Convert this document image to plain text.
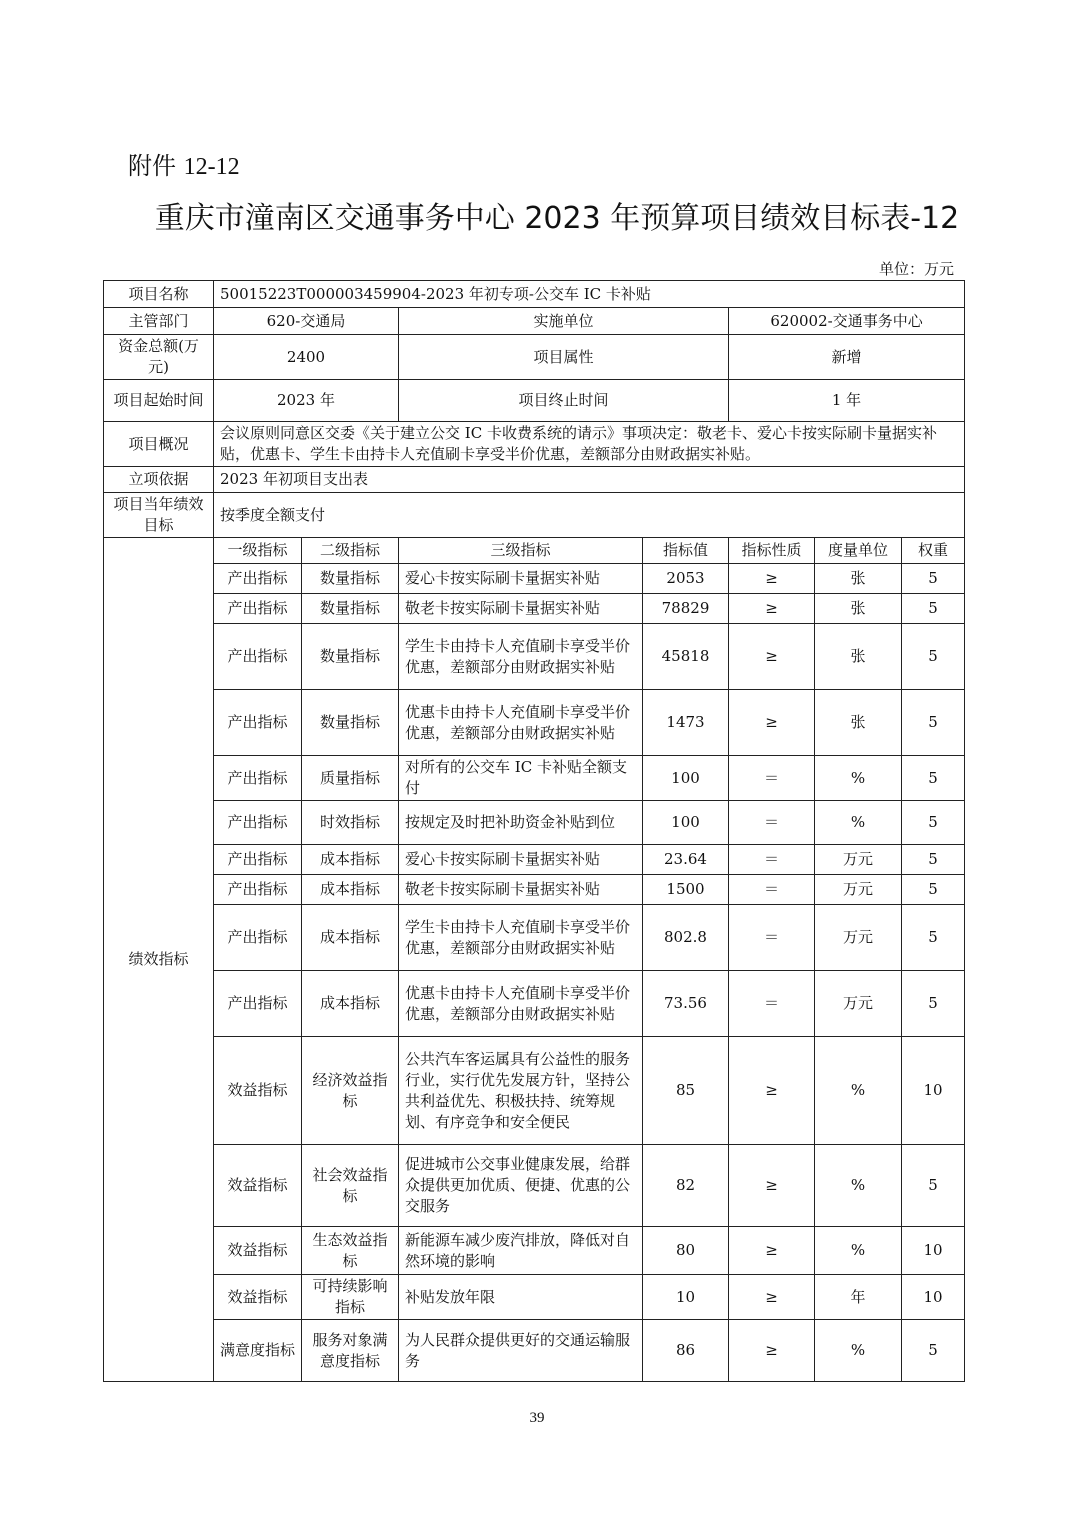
附件 12-12
重庆市潼南区交通事务中心 2023 年预算项目绩效目标表-12
单位：万元
项目名称	50015223T000003459904-2023 年初专项-公交车 IC 卡补贴						
主管部门	620-交通局		实施单位		620002-交通事务中心		
资金总额(万元)	2400		项目属性		新增		
项目起始时间	2023 年		项目终止时间		1 年		
项目概况	会议原则同意区交委《关于建立公交 IC 卡收费系统的请示》事项决定：敬老卡、爱心卡按实际刷卡量据实补贴，优惠卡、学生卡由持卡人充值刷卡享受半价优惠，差额部分由财政据实补贴。						
立项依据	2023 年初项目支出表						
项目当年绩效目标	按季度全额支付						
绩效指标	一级指标	二级指标	三级指标	指标值	指标性质	度量单位	权重
	产出指标	数量指标	爱心卡按实际刷卡量据实补贴	2053	≥	张	5
	产出指标	数量指标	敬老卡按实际刷卡量据实补贴	78829	≥	张	5
	产出指标	数量指标	学生卡由持卡人充值刷卡享受半价优惠，差额部分由财政据实补贴	45818	≥	张	5
	产出指标	数量指标	优惠卡由持卡人充值刷卡享受半价优惠，差额部分由财政据实补贴	1473	≥	张	5
	产出指标	质量指标	对所有的公交车 IC 卡补贴全额支付	100	＝	%	5
	产出指标	时效指标	按规定及时把补助资金补贴到位	100	＝	%	5
	产出指标	成本指标	爱心卡按实际刷卡量据实补贴	23.64	＝	万元	5
	产出指标	成本指标	敬老卡按实际刷卡量据实补贴	1500	＝	万元	5
	产出指标	成本指标	学生卡由持卡人充值刷卡享受半价优惠，差额部分由财政据实补贴	802.8	＝	万元	5
	产出指标	成本指标	优惠卡由持卡人充值刷卡享受半价优惠，差额部分由财政据实补贴	73.56	＝	万元	5
	效益指标	经济效益指标	公共汽车客运属具有公益性的服务行业，实行优先发展方针，坚持公共利益优先、积极扶持、统筹规划、有序竞争和安全便民	85	≥	%	10
	效益指标	社会效益指标	促进城市公交事业健康发展，给群众提供更加优质、便捷、优惠的公交服务	82	≥	%	5
	效益指标	生态效益指标	新能源车减少废汽排放，降低对自然环境的影响	80	≥	%	10
	效益指标	可持续影响指标	补贴发放年限	10	≥	年	10
	满意度指标	服务对象满意度指标	为人民群众提供更好的交通运输服务	86	≥	%	5
39
